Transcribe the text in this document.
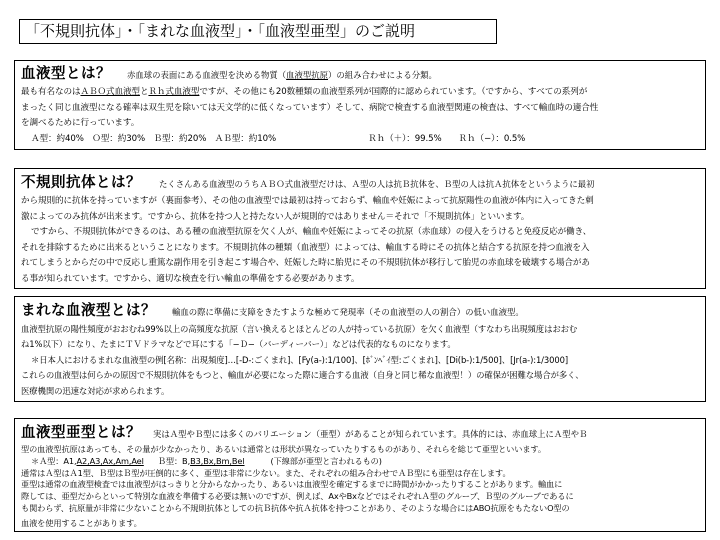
「不規則抗体」・「まれな血液型」・「血液型亜型」のご説明
血液型とは？ 赤血球の表面にある血液型を決める物質（血液型抗原）の組み合わせによる分類。
最も有名なのはＡＢＯ式血液型とＲｈ式血液型ですが、その他にも20数種類の血液型系列が国際的に認められています。（ですから、すべての系列が
まったく同じ血液型になる確率は双生児を除いては天文学的に低くなっています）そして、病院で検査する血液型関連の検査は、すべて輸血時の適合性
を調べるために行っています。
Ａ型：約40%　Ｏ型：約30%　Ｂ型：約20%　ＡＢ型：約10%	Ｒｈ（＋）：99.5%　　Ｒｈ（−）：0.5%
不規則抗体とは？ たくさんある血液型のうちＡＢＯ式血液型だけは、Ａ型の人は抗Ｂ抗体を、Ｂ型の人は抗Ａ抗体をというように最初
から規則的に抗体を持っていますが（裏面参考）、その他の血液型では最初は持っておらず、輸血や妊娠によって抗原陽性の血液が体内に入ってきた刺
激によってのみ抗体が出来ます。ですから、抗体を持つ人と持たない人が規則的ではありません＝それで「不規則抗体」といいます。
ですから、不規則抗体ができるのは、ある種の血液型抗原を欠く人が、輸血や妊娠によってその抗原（赤血球）の侵入をうけると免疫反応が働き、
それを排除するために出来るということになります。不規則抗体の種類（血液型）によっては、輸血する時にその抗体と結合する抗原を持つ血液を入
れてしまうとからだの中で反応し重篤な副作用を引き起こす場合や、妊娠した時に胎児にその不規則抗体が移行して胎児の赤血球を破壊する場合があ
る事が知られています。ですから、適切な検査を行い輸血の準備をする必要があります。
まれな血液型とは？ 輸血の際に準備に支障をきたすような極めて発現率（その血液型の人の割合）の低い血液型。
血液型抗原の陽性頻度がおおむね99%以上の高頻度な抗原（言い換えるとほとんどの人が持っている抗原）を欠く血液型（すなわち出現頻度はおおむ
ね1%以下）になり、たまにＴＶドラマなどで耳にする「−Ｄ−（バーディーバー）」などは代表的なものになります。
＊日本人におけるまれな血液型の例[名称：出現頻度]…[-D-:ごくまれ]、[Fy(a-):1/100]、[ﾎﾞﾝﾍﾞｲ型:ごくまれ]、[Di(b-):1/500]、[Jr(a-):1/3000]
これらの血液型は何らかの原因で不規則抗体をもつと、輸血が必要になった際に適合する血液（自身と同じ稀な血液型！）の確保が困難な場合が多く、
医療機関の迅速な対応が求められます。
血液型亜型とは？ 実はＡ型やＢ型には多くのバリエーション（亜型）があることが知られています。具体的には、赤血球上にＡ型やＢ
型の血液型抗原はあっても、その量が少なかったり、あるいは通常とは形状が異なっていたりするものがあり、それらを総じて亜型といいます。
＊Ａ型：A1,A2,A3,Ax,Am,Ael Ｂ型：B,B3,Bx,Bm,Bel	(下線部が亜型と言われるもの)
通常はＡ型はＡ1型、Ｂ型はＢ型が圧倒的に多く、亜型は非常に少ない。また、それぞれの組み合わせでＡＢ型にも亜型は存在します。
亜型は通常の血液型検査では血液型がはっきりと分からなかったり、あるいは血液型を確定するまでに時間がかかったりすることがあります。輸血に
際しては、亜型だからといって特別な血液を準備する必要は無いのですが、例えば、AxやBxなどではそれぞれＡ型のグループ、Ｂ型のグループであるに
も関わらず、抗原量が非常に少ないことから不規則抗体としての抗Ｂ抗体や抗Ａ抗体を持つことがあり、そのような場合にはABO抗原をもたないO型の
血液を使用することがあります。
